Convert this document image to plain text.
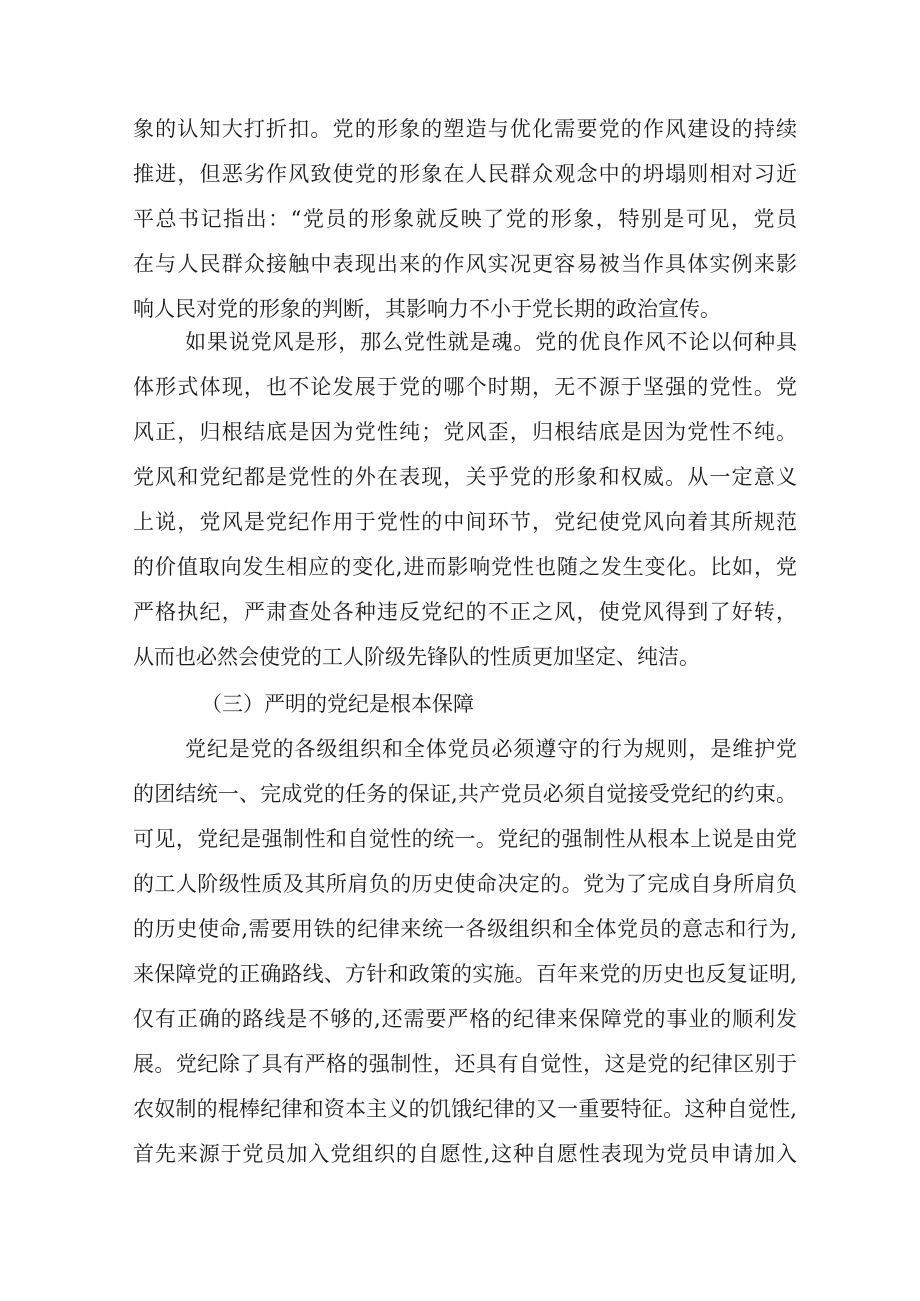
象的认知大打折扣。党的形象的塑造与优化需要党的作风建设的持续
推进，但恶劣作风致使党的形象在人民群众观念中的坍塌则相对习近
平总书记指出：“党员的形象就反映了党的形象，特别是可见，党员
在与人民群众接触中表现出来的作风实况更容易被当作具体实例来影
响人民对党的形象的判断，其影响力不小于党长期的政治宣传。
如果说党风是形，那么党性就是魂。党的优良作风不论以何种具
体形式体现，也不论发展于党的哪个时期，无不源于坚强的党性。党
风正，归根结底是因为党性纯；党风歪，归根结底是因为党性不纯。
党风和党纪都是党性的外在表现，关乎党的形象和权威。从一定意义
上说，党风是党纪作用于党性的中间环节，党纪使党风向着其所规范
的价值取向发生相应的变化,进而影响党性也随之发生变化。比如，党
严格执纪，严肃查处各种违反党纪的不正之风，使党风得到了好转，
从而也必然会使党的工人阶级先锋队的性质更加坚定、纯洁。
（三）严明的党纪是根本保障
党纪是党的各级组织和全体党员必须遵守的行为规则，是维护党
的团结统一、完成党的任务的保证,共产党员必须自觉接受党纪的约束。
可见，党纪是强制性和自觉性的统一。党纪的强制性从根本上说是由党
的工人阶级性质及其所肩负的历史使命决定的。党为了完成自身所肩负
的历史使命,需要用铁的纪律来统一各级组织和全体党员的意志和行为,
来保障党的正确路线、方针和政策的实施。百年来党的历史也反复证明,
仅有正确的路线是不够的,还需要严格的纪律来保障党的事业的顺利发
展。党纪除了具有严格的强制性，还具有自觉性，这是党的纪律区别于
农奴制的棍棒纪律和资本主义的饥饿纪律的又一重要特征。这种自觉性,
首先来源于党员加入党组织的自愿性,这种自愿性表现为党员申请加入
